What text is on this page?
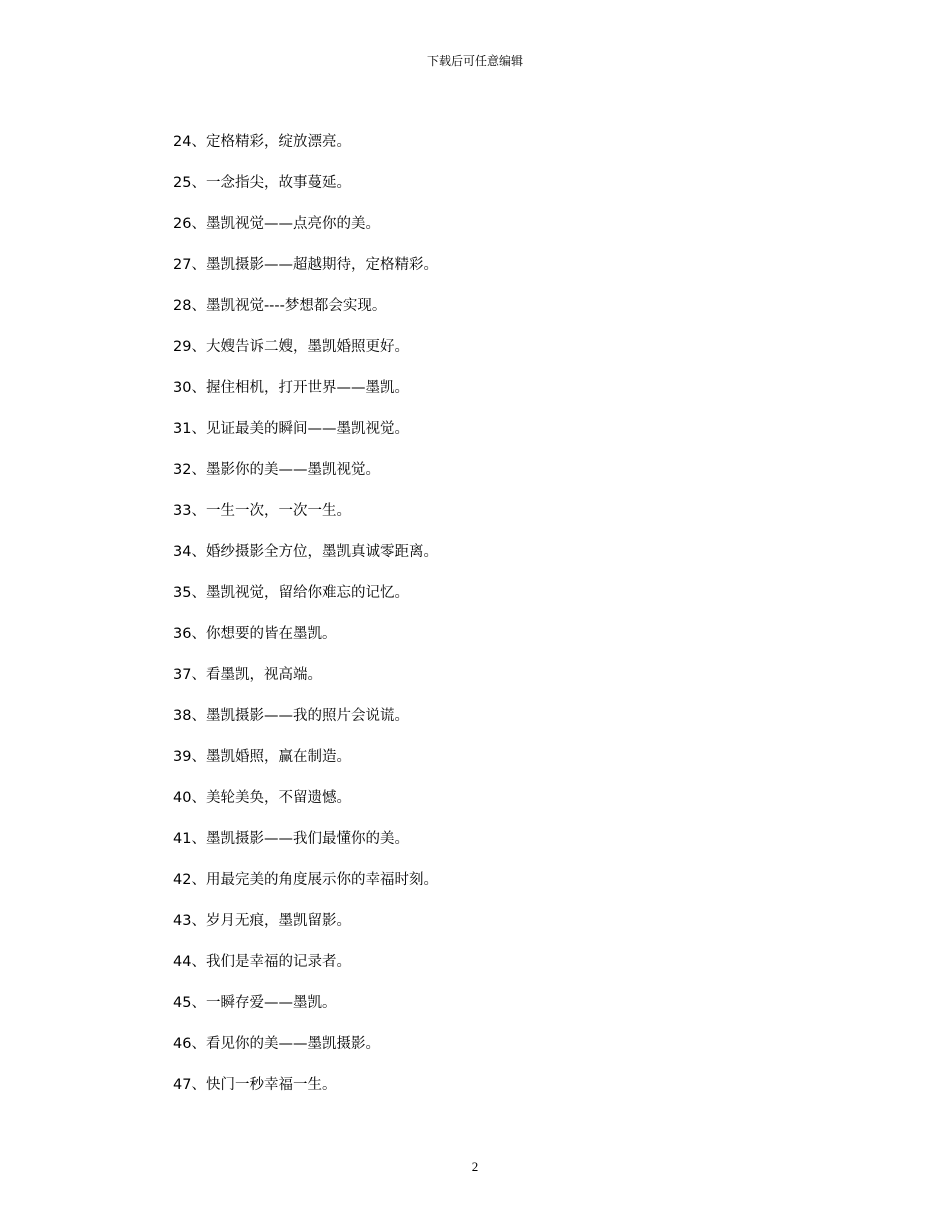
下载后可任意编辑
24、定格精彩，绽放漂亮。
25、一念指尖，故事蔓延。
26、墨凯视觉——点亮你的美。
27、墨凯摄影——超越期待，定格精彩。
28、墨凯视觉----梦想都会实现。
29、大嫂告诉二嫂，墨凯婚照更好。
30、握住相机，打开世界——墨凯。
31、见证最美的瞬间——墨凯视觉。
32、墨影你的美——墨凯视觉。
33、一生一次，一次一生。
34、婚纱摄影全方位，墨凯真诚零距离。
35、墨凯视觉，留给你难忘的记忆。
36、你想要的皆在墨凯。
37、看墨凯，视高端。
38、墨凯摄影——我的照片会说谎。
39、墨凯婚照，赢在制造。
40、美轮美奂，不留遗憾。
41、墨凯摄影——我们最懂你的美。
42、用最完美的角度展示你的幸福时刻。
43、岁月无痕，墨凯留影。
44、我们是幸福的记录者。
45、一瞬存爱——墨凯。
46、看见你的美——墨凯摄影。
47、快门一秒幸福一生。
2
